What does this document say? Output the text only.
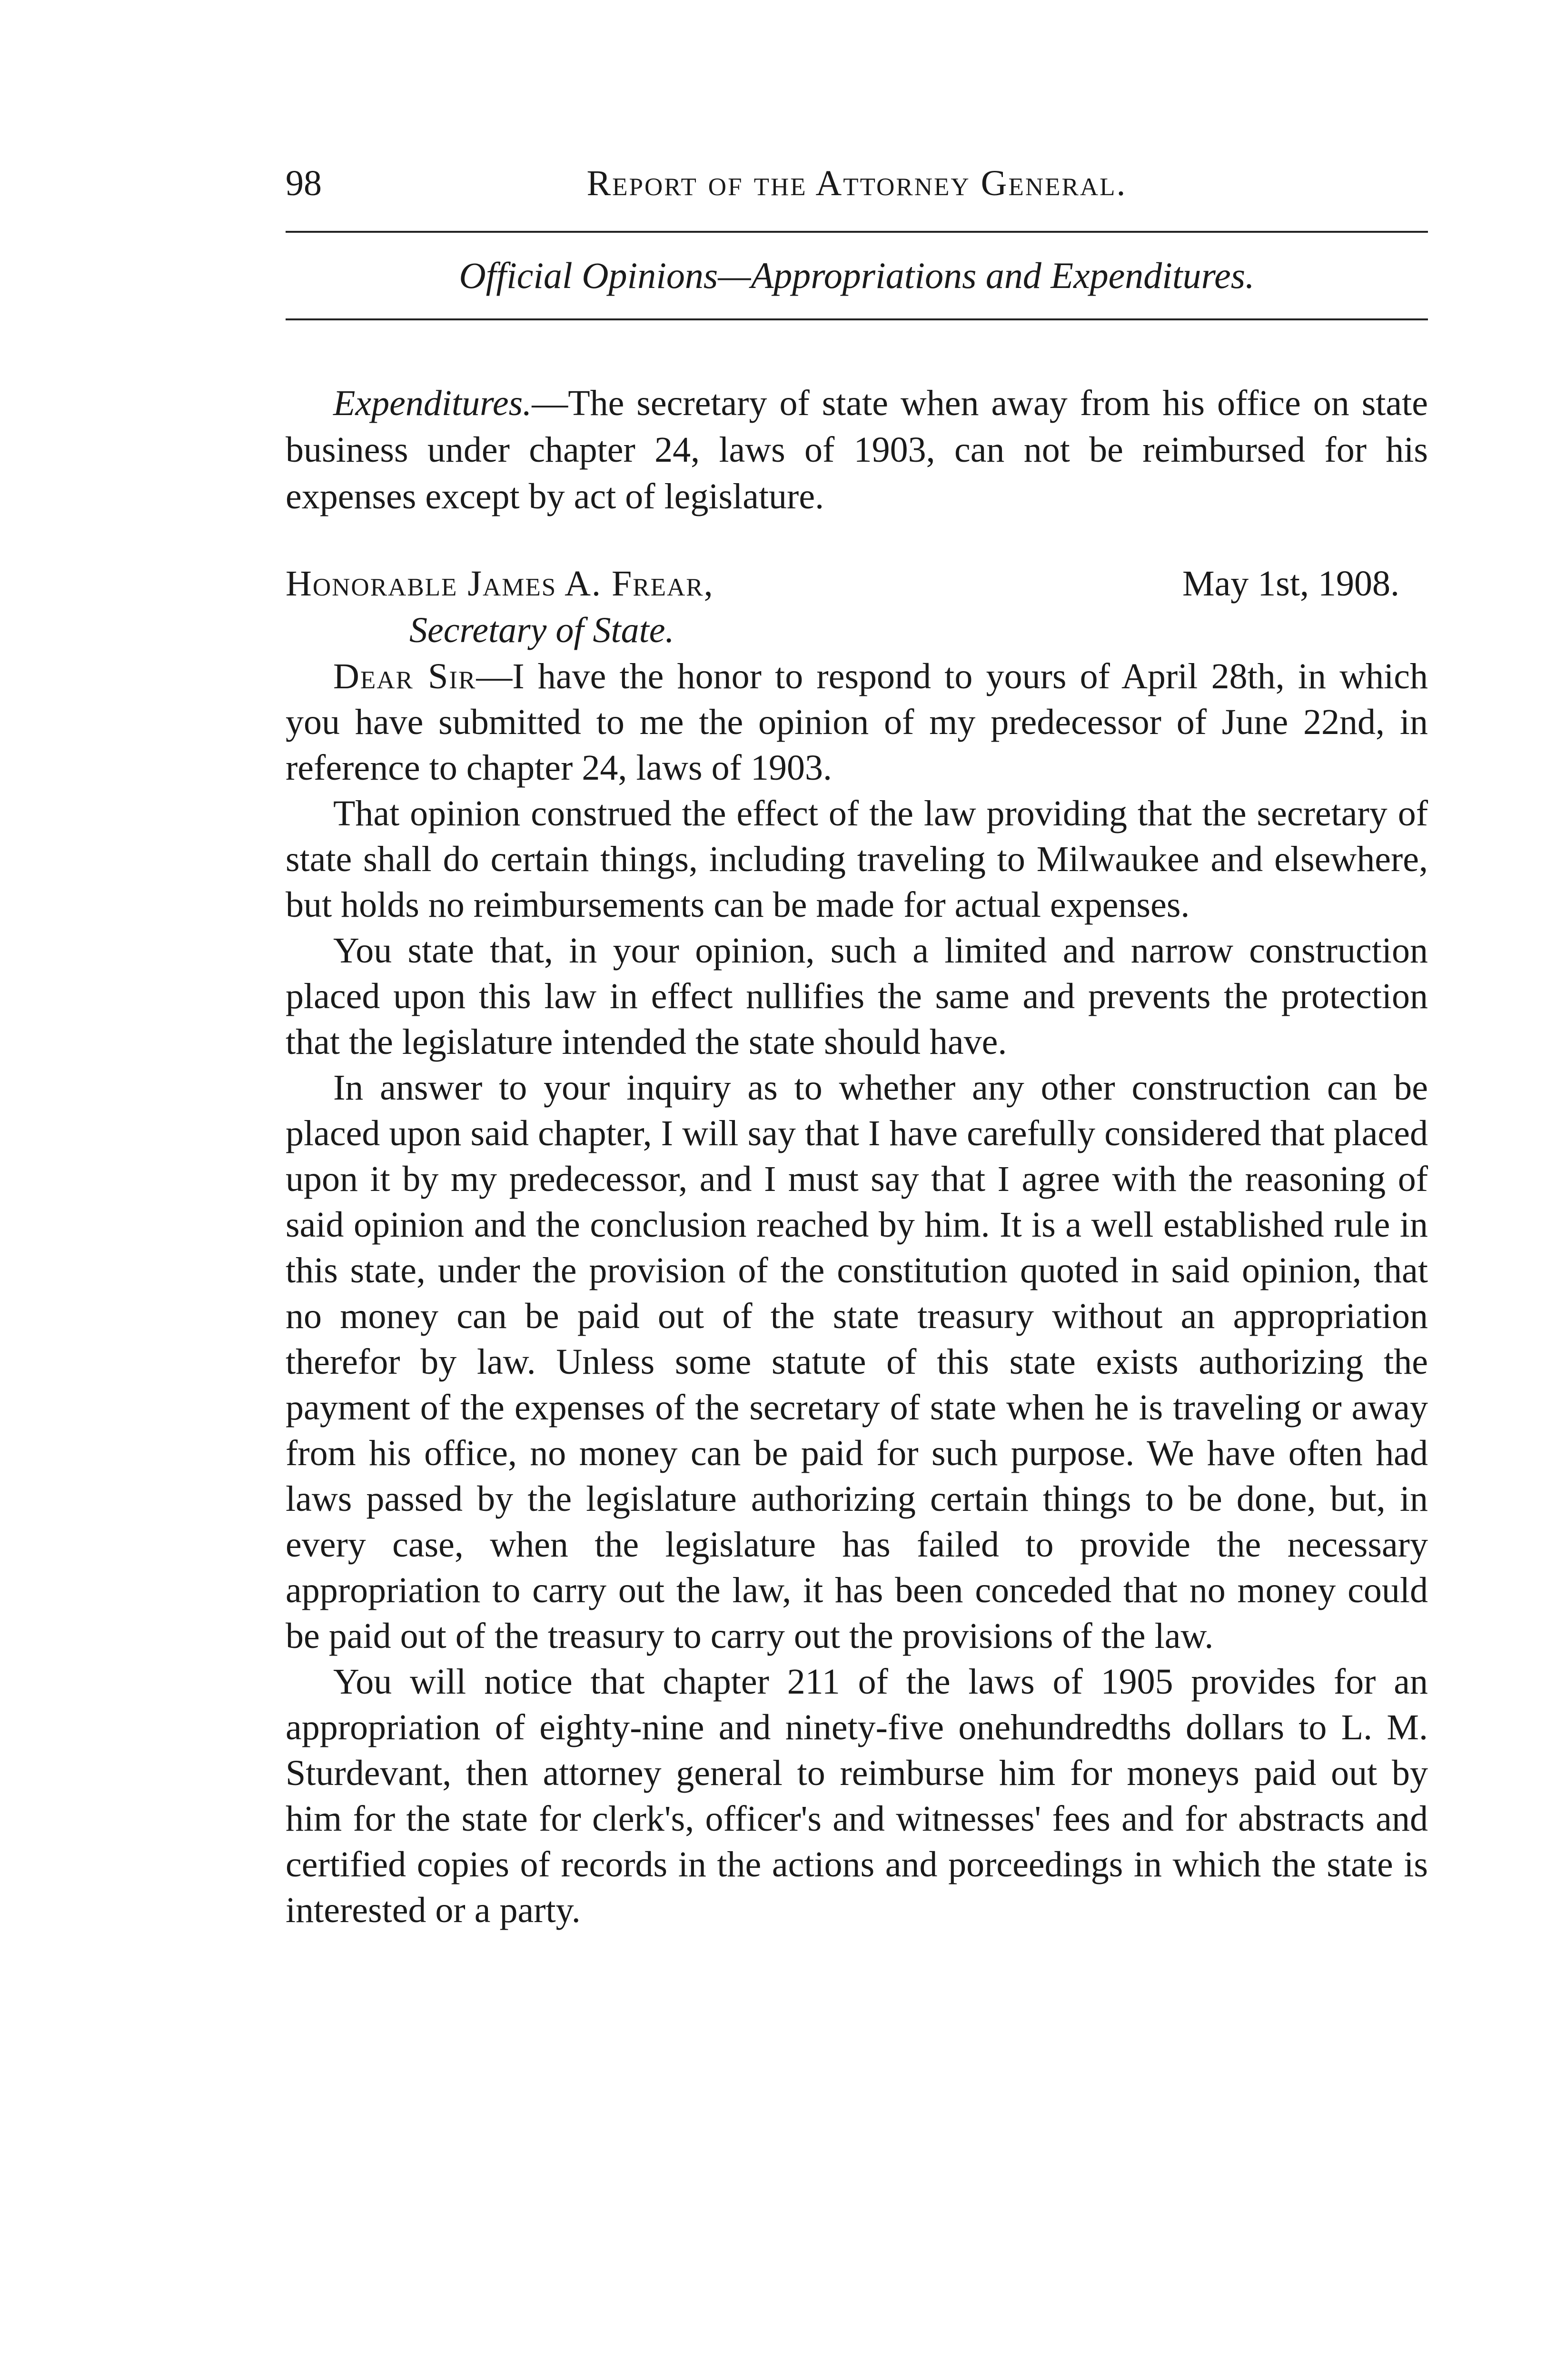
98	Report of the Attorney General.
Official Opinions—Appropriations and Expenditures.

Expenditures.—The secretary of state when away from his office on state business under chapter 24, laws of 1903, can not be reimbursed for his expenses except by act of legislature.

Honorable James A. Frear,	May 1st, 1908.
Secretary of State.

Dear Sir—I have the honor to respond to yours of April 28th, in which you have submitted to me the opinion of my predecessor of June 22nd, in reference to chapter 24, laws of 1903.

That opinion construed the effect of the law providing that the secretary of state shall do certain things, including traveling to Milwaukee and elsewhere, but holds no reimbursements can be made for actual expenses.

You state that, in your opinion, such a limited and narrow construction placed upon this law in effect nullifies the same and prevents the protection that the legislature intended the state should have.

In answer to your inquiry as to whether any other construction can be placed upon said chapter, I will say that I have carefully considered that placed upon it by my predecessor, and I must say that I agree with the reasoning of said opinion and the conclusion reached by him. It is a well established rule in this state, under the provision of the constitution quoted in said opinion, that no money can be paid out of the state treasury without an appropriation therefor by law. Unless some statute of this state exists authorizing the payment of the expenses of the secretary of state when he is traveling or away from his office, no money can be paid for such purpose. We have often had laws passed by the legislature authorizing certain things to be done, but, in every case, when the legislature has failed to provide the necessary appropriation to carry out the law, it has been conceded that no money could be paid out of the treasury to carry out the provisions of the law.

You will notice that chapter 211 of the laws of 1905 provides for an appropriation of eighty-nine and ninety-five onehundredths dollars to L. M. Sturdevant, then attorney general to reimburse him for moneys paid out by him for the state for clerk's, officer's and witnesses' fees and for abstracts and certified copies of records in the actions and porceedings in which the state is interested or a party.
